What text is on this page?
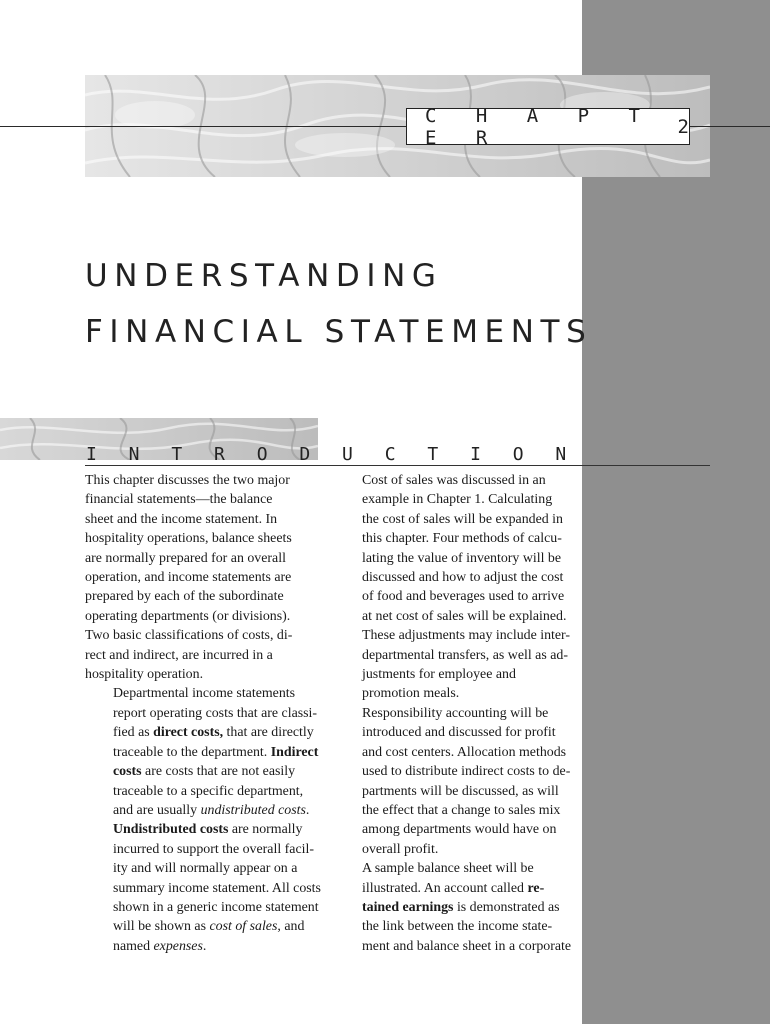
C H A P T E R	2
UNDERSTANDING
FINANCIAL STATEMENTS
I N T R O D U C T I O N

This chapter discusses the two major
financial statements—the balance
sheet and the income statement. In
hospitality operations, balance sheets
are normally prepared for an overall
operation, and income statements are
prepared by each of the subordinate
operating departments (or divisions).
Two basic classifications of costs, di-
rect and indirect, are incurred in a
hospitality operation.

Departmental income statements
report operating costs that are classi-
fied as direct costs, that are directly
traceable to the department. Indirect
costs are costs that are not easily
traceable to a specific department,
and are usually undistributed costs.
Undistributed costs are normally
incurred to support the overall facil-
ity and will normally appear on a
summary income statement. All costs
shown in a generic income statement
will be shown as cost of sales, and
named expenses.

Cost of sales was discussed in an
example in Chapter 1. Calculating
the cost of sales will be expanded in
this chapter. Four methods of calcu-
lating the value of inventory will be
discussed and how to adjust the cost
of food and beverages used to arrive
at net cost of sales will be explained.
These adjustments may include inter-
departmental transfers, as well as ad-
justments for employee and
promotion meals.

Responsibility accounting will be
introduced and discussed for profit
and cost centers. Allocation methods
used to distribute indirect costs to de-
partments will be discussed, as will
the effect that a change to sales mix
among departments would have on
overall profit.

A sample balance sheet will be
illustrated. An account called re-
tained earnings is demonstrated as
the link between the income state-
ment and balance sheet in a corporate
